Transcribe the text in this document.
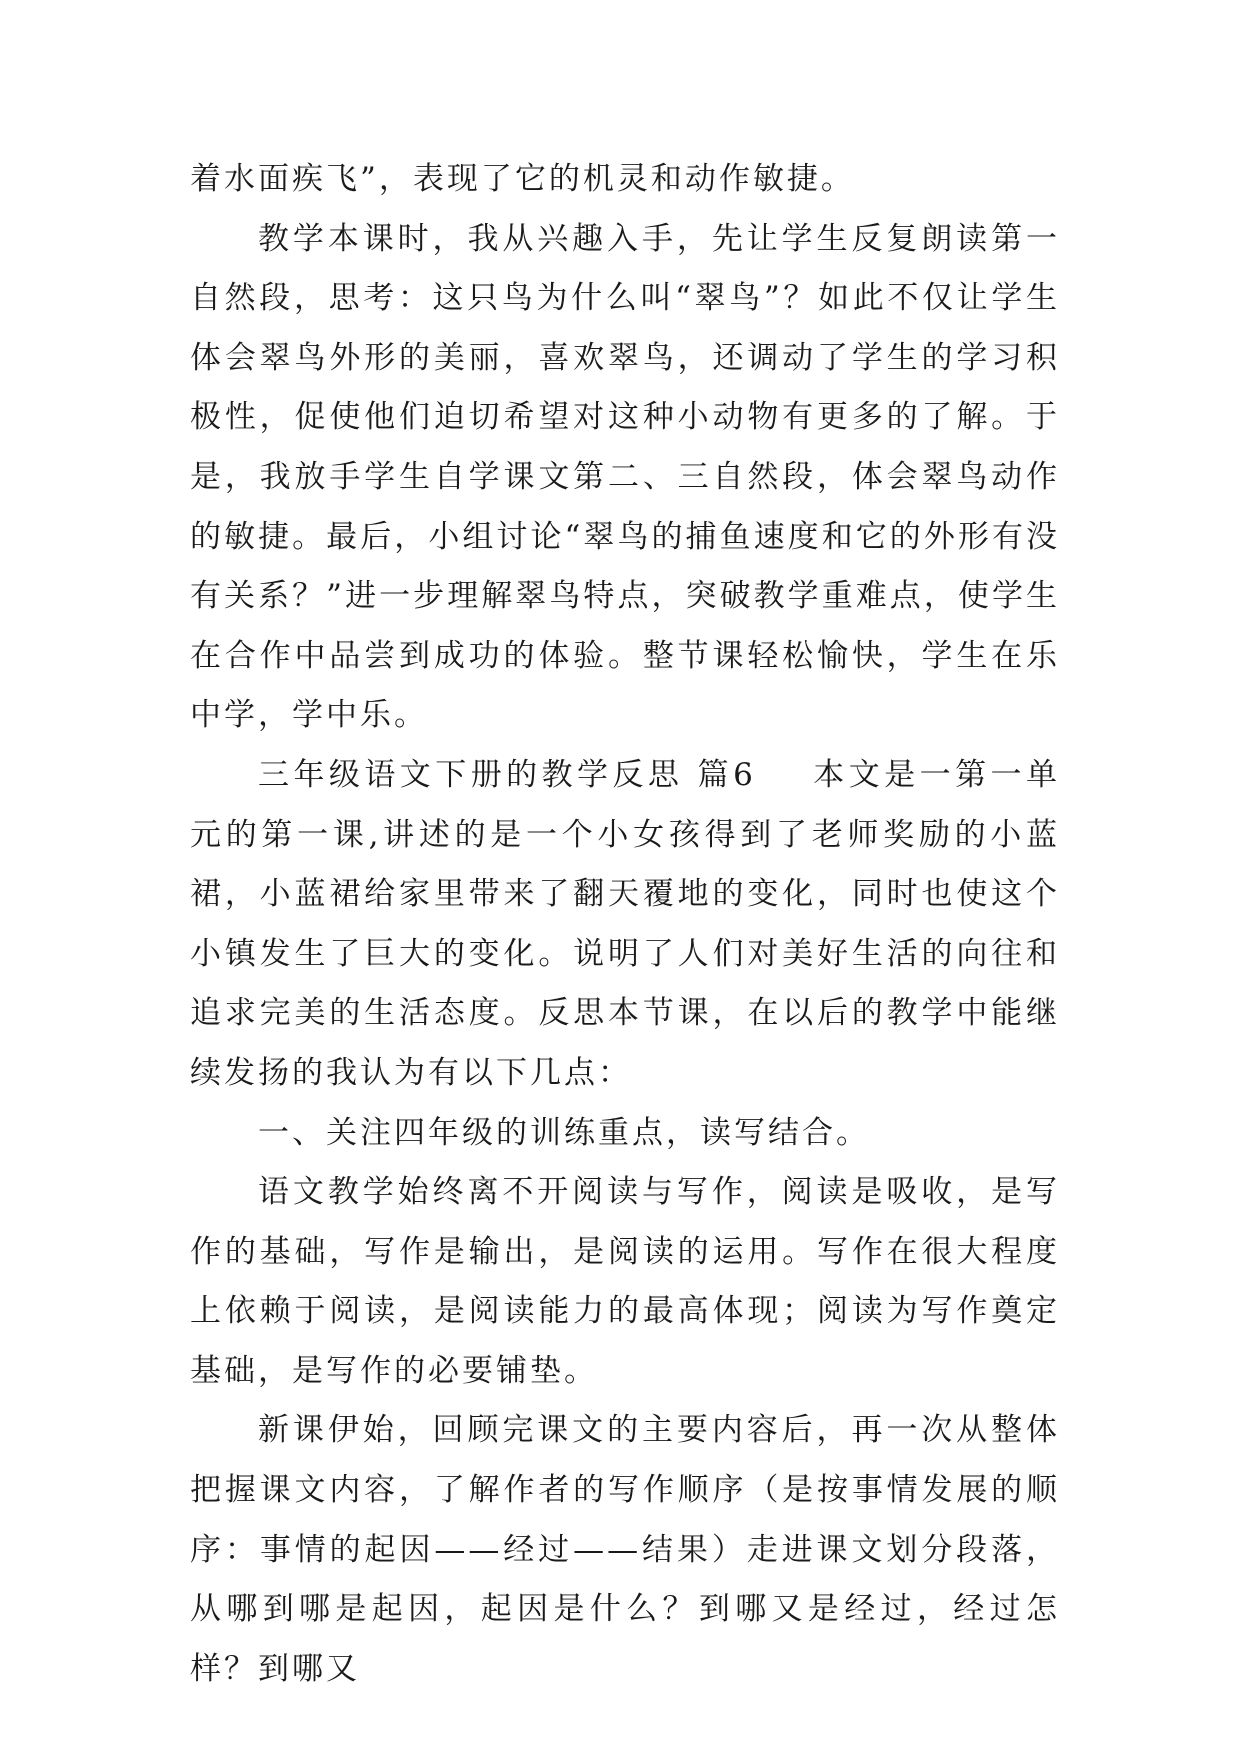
着水面疾飞”，表现了它的机灵和动作敏捷。

教学本课时，我从兴趣入手，先让学生反复朗读第一自然段，思考：这只鸟为什么叫“翠鸟”？如此不仅让学生体会翠鸟外形的美丽，喜欢翠鸟，还调动了学生的学习积极性，促使他们迫切希望对这种小动物有更多的了解。于是，我放手学生自学课文第二、三自然段，体会翠鸟动作的敏捷。最后，小组讨论“翠鸟的捕鱼速度和它的外形有没有关系？”进一步理解翠鸟特点，突破教学重难点，使学生在合作中品尝到成功的体验。整节课轻松愉快，学生在乐中学，学中乐。

三年级语文下册的教学反思 篇6 本文是一第一单元的第一课,讲述的是一个小女孩得到了老师奖励的小蓝裙，小蓝裙给家里带来了翻天覆地的变化，同时也使这个小镇发生了巨大的变化。说明了人们对美好生活的向往和追求完美的生活态度。反思本节课，在以后的教学中能继续发扬的我认为有以下几点：

一、关注四年级的训练重点，读写结合。

语文教学始终离不开阅读与写作，阅读是吸收，是写作的基础，写作是输出，是阅读的运用。写作在很大程度上依赖于阅读，是阅读能力的最高体现；阅读为写作奠定基础，是写作的必要铺垫。

新课伊始，回顾完课文的主要内容后，再一次从整体把握课文内容，了解作者的写作顺序（是按事情发展的顺序：事情的起因——经过——结果）走进课文划分段落，从哪到哪是起因，起因是什么？到哪又是经过，经过怎样？到哪又
